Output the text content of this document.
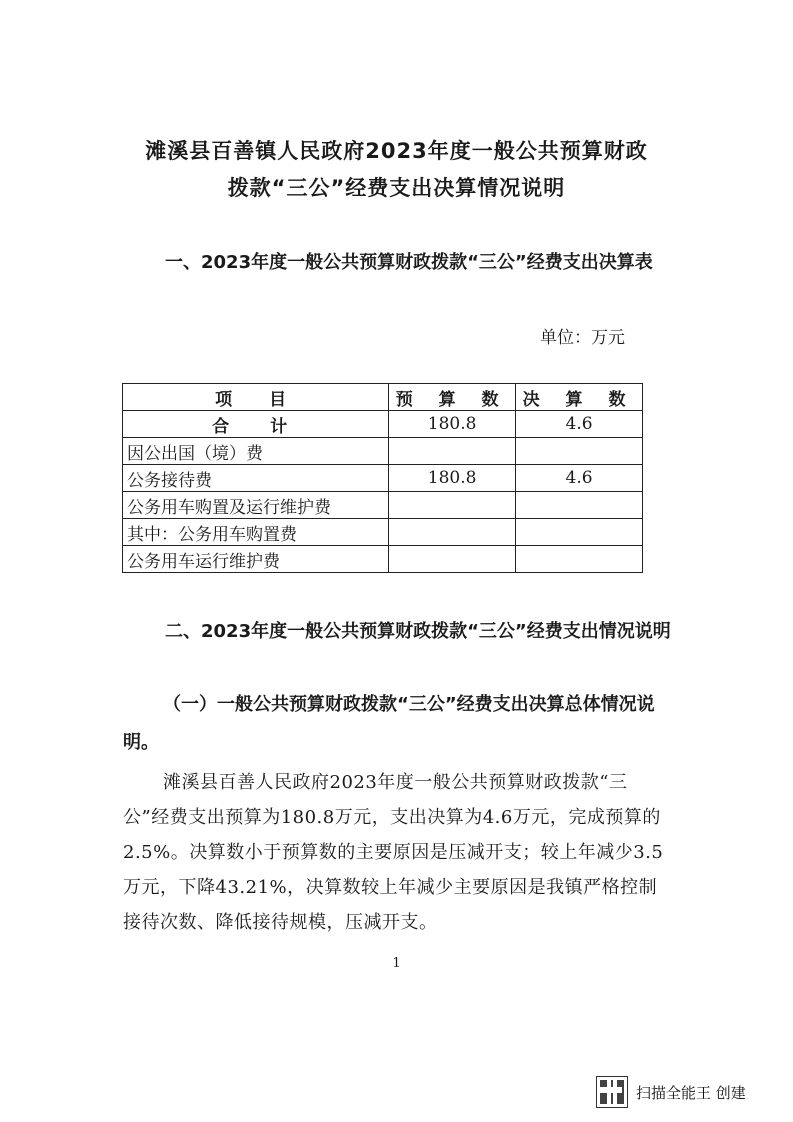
滩溪县百善镇人民政府2023年度一般公共预算财政
拨款“三公”经费支出决算情况说明
一、2023年度一般公共预算财政拨款“三公”经费支出决算表
单位：万元
项　目	预 算 数	决 算 数
合　计	180.8	4.6
因公出国（境）费		
公务接待费	180.8	4.6
公务用车购置及运行维护费		
其中：公务用车购置费		
公务用车运行维护费		
二、2023年度一般公共预算财政拨款“三公”经费支出情况说明
（一）一般公共预算财政拨款“三公”经费支出决算总体情况说明。
滩溪县百善人民政府2023年度一般公共预算财政拨款“三公”经费支出预算为180.8万元，支出决算为4.6万元，完成预算的2.5%。决算数小于预算数的主要原因是压减开支；较上年减少3.5万元，下降43.21%，决算数较上年减少主要原因是我镇严格控制接待次数、降低接待规模，压减开支。
1
扫描全能王 创建
